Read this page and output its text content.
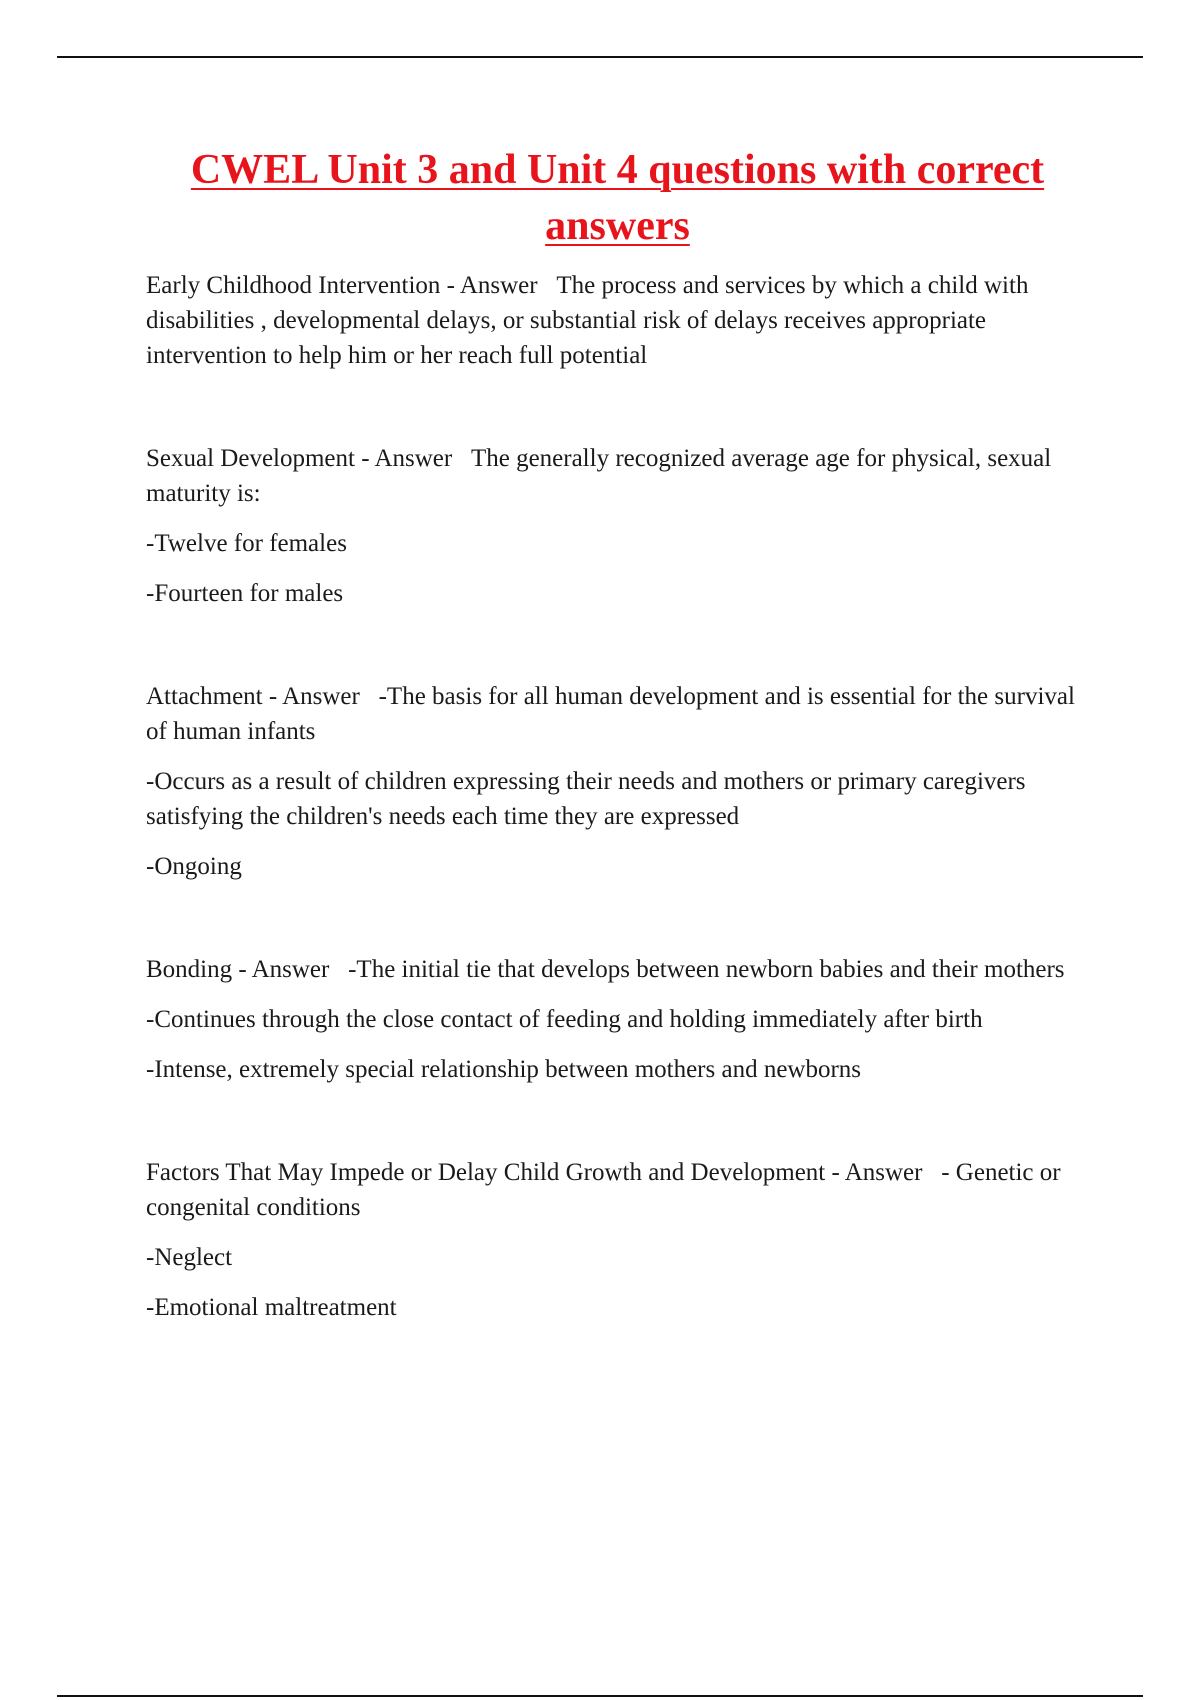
CWEL Unit 3 and Unit 4 questions with correct answers

Early Childhood Intervention - Answer The process and services by which a child with disabilities , developmental delays, or substantial risk of delays receives appropriate intervention to help him or her reach full potential

Sexual Development - Answer The generally recognized average age for physical, sexual maturity is:

-Twelve for females

-Fourteen for males

Attachment - Answer -The basis for all human development and is essential for the survival of human infants

-Occurs as a result of children expressing their needs and mothers or primary caregivers satisfying the children's needs each time they are expressed

-Ongoing

Bonding - Answer -The initial tie that develops between newborn babies and their mothers

-Continues through the close contact of feeding and holding immediately after birth

-Intense, extremely special relationship between mothers and newborns

Factors That May Impede or Delay Child Growth and Development - Answer - Genetic or congenital conditions

-Neglect

-Emotional maltreatment
